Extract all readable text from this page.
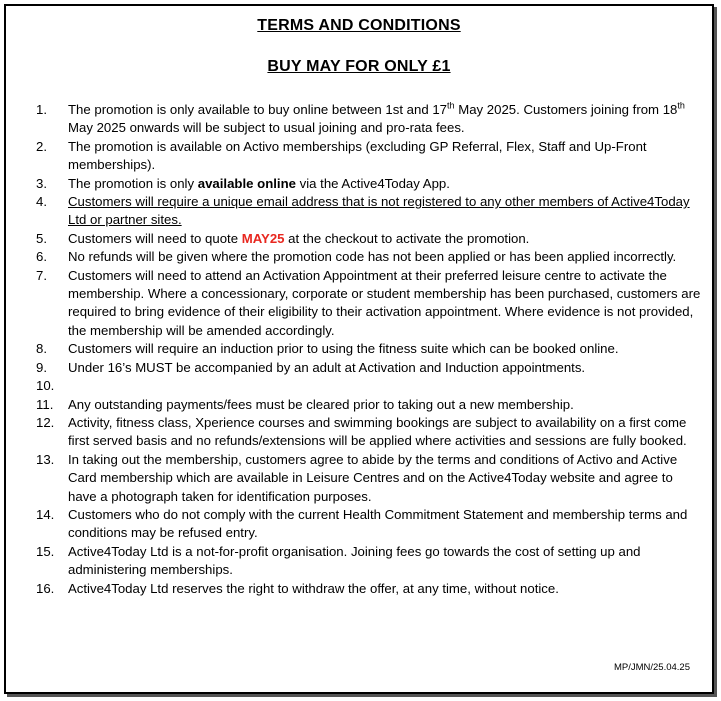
TERMS AND CONDITIONS
BUY MAY FOR ONLY £1
1.	The promotion is only available to buy online between 1st and 17th May 2025. Customers joining from 18th May 2025 onwards will be subject to usual joining and pro-rata fees.
2.	The promotion is available on Activo memberships (excluding GP Referral, Flex, Staff and Up-Front memberships).
3.	The promotion is only available online via the Active4Today App.
4.	Customers will require a unique email address that is not registered to any other members of Active4Today Ltd or partner sites.
5.	Customers will need to quote MAY25 at the checkout to activate the promotion.
6.	No refunds will be given where the promotion code has not been applied or has been applied incorrectly.
7.	Customers will need to attend an Activation Appointment at their preferred leisure centre to activate the membership. Where a concessionary, corporate or student membership has been purchased, customers are required to bring evidence of their eligibility to their activation appointment. Where evidence is not provided, the membership will be amended accordingly.
8.	Customers will require an induction prior to using the fitness suite which can be booked online.
9.	Under 16’s MUST be accompanied by an adult at Activation and Induction appointments.
10.

11.	Any outstanding payments/fees must be cleared prior to taking out a new membership.
12.	Activity, fitness class, Xperience courses and swimming bookings are subject to availability on a first come first served basis and no refunds/extensions will be applied where activities and sessions are fully booked.
13.	In taking out the membership, customers agree to abide by the terms and conditions of Activo and Active Card membership which are available in Leisure Centres and on the Active4Today website and agree to have a photograph taken for identification purposes.
14.	Customers who do not comply with the current Health Commitment Statement and membership terms and conditions may be refused entry.
15.	Active4Today Ltd is a not-for-profit organisation. Joining fees go towards the cost of setting up and administering memberships.
16.	Active4Today Ltd reserves the right to withdraw the offer, at any time, without notice.
MP/JMN/25.04.25
